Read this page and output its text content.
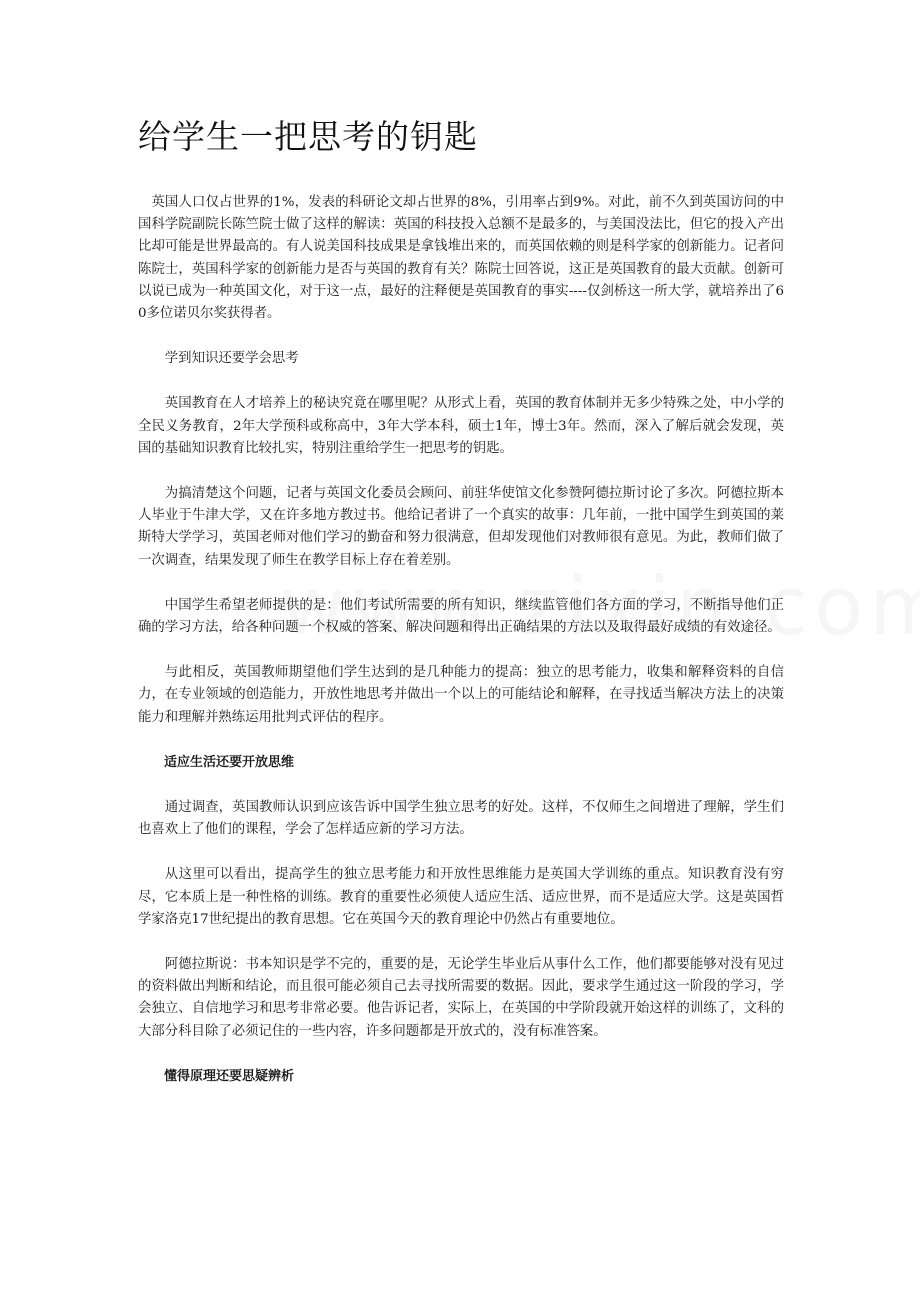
给学生一把思考的钥匙

英国人口仅占世界的1%，发表的科研论文却占世界的8%，引用率占到9%。对此，前不久到英国访问的中国科学院副院长陈竺院士做了这样的解读：英国的科技投入总额不是最多的，与美国没法比，但它的投入产出比却可能是世界最高的。有人说美国科技成果是拿钱堆出来的，而英国依赖的则是科学家的创新能力。记者问陈院士，英国科学家的创新能力是否与英国的教育有关？陈院士回答说，这正是英国教育的最大贡献。创新可以说已成为一种英国文化，对于这一点，最好的注释便是英国教育的事实----仅剑桥这一所大学，就培养出了60多位诺贝尔奖获得者。

学到知识还要学会思考

英国教育在人才培养上的秘诀究竟在哪里呢？从形式上看，英国的教育体制并无多少特殊之处，中小学的全民义务教育，2年大学预科或称高中，3年大学本科，硕士1年，博士3年。然而，深入了解后就会发现，英国的基础知识教育比较扎实，特别注重给学生一把思考的钥匙。

为搞清楚这个问题，记者与英国文化委员会顾问、前驻华使馆文化参赞阿德拉斯讨论了多次。阿德拉斯本人毕业于牛津大学，又在许多地方教过书。他给记者讲了一个真实的故事：几年前，一批中国学生到英国的莱斯特大学学习，英国老师对他们学习的勤奋和努力很满意，但却发现他们对教师很有意见。为此，教师们做了一次调查，结果发现了师生在教学目标上存在着差别。

中国学生希望老师提供的是：他们考试所需要的所有知识，继续监管他们各方面的学习，不断指导他们正确的学习方法，给各种问题一个权威的答案、解决问题和得出正确结果的方法以及取得最好成绩的有效途径。

与此相反，英国教师期望他们学生达到的是几种能力的提高：独立的思考能力，收集和解释资料的自信力，在专业领域的创造能力，开放性地思考并做出一个以上的可能结论和解释，在寻找适当解决方法上的决策能力和理解并熟练运用批判式评估的程序。

适应生活还要开放思维

通过调查，英国教师认识到应该告诉中国学生独立思考的好处。这样，不仅师生之间增进了理解，学生们也喜欢上了他们的课程，学会了怎样适应新的学习方法。

从这里可以看出，提高学生的独立思考能力和开放性思维能力是英国大学训练的重点。知识教育没有穷尽，它本质上是一种性格的训练。教育的重要性必须使人适应生活、适应世界，而不是适应大学。这是英国哲学家洛克17世纪提出的教育思想。它在英国今天的教育理论中仍然占有重要地位。

阿德拉斯说：书本知识是学不完的，重要的是，无论学生毕业后从事什么工作，他们都要能够对没有见过的资料做出判断和结论，而且很可能必须自己去寻找所需要的数据。因此，要求学生通过这一阶段的学习，学会独立、自信地学习和思考非常必要。他告诉记者，实际上，在英国的中学阶段就开始这样的训练了，文科的大部分科目除了必须记住的一些内容，许多问题都是开放式的，没有标准答案。

懂得原理还要思疑辨析
